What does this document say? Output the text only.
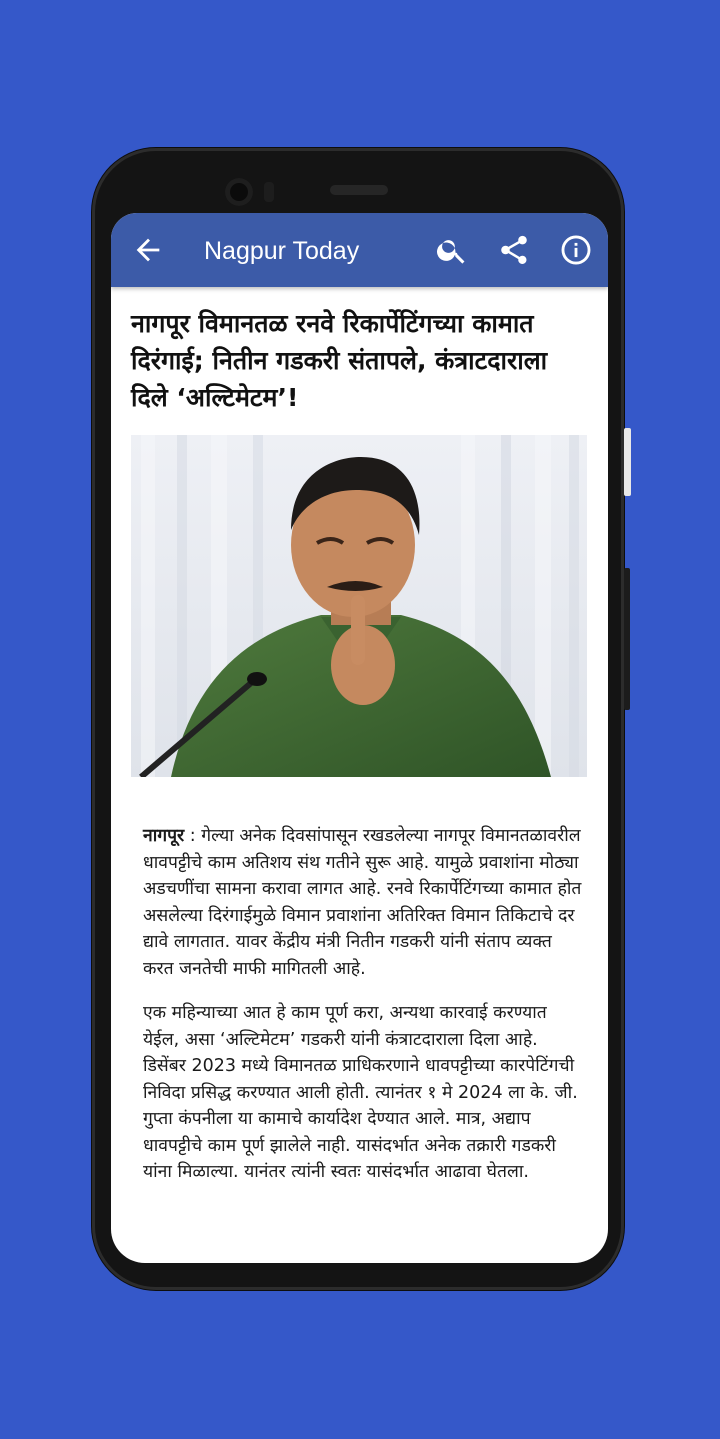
Nagpur Today
नागपूर विमानतळ रनवे रिकार्पेटिंगच्या कामात दिरंगाई; नितीन गडकरी संतापले, कंत्राटदाराला दिले ‘अल्टिमेटम’!

नागपूर : गेल्या अनेक दिवसांपासून रखडलेल्या नागपूर विमानतळावरील धावपट्टीचे काम अतिशय संथ गतीने सुरू आहे. यामुळे प्रवाशांना मोठ्या अडचणींचा सामना करावा लागत आहे. रनवे रिकार्पेटिंगच्या कामात होत असलेल्या दिरंगाईमुळे विमान प्रवाशांना अतिरिक्त विमान तिकिटाचे दर द्यावे लागतात. यावर केंद्रीय मंत्री नितीन गडकरी यांनी संताप व्यक्त करत जनतेची माफी मागितली आहे.

एक महिन्याच्या आत हे काम पूर्ण करा, अन्यथा कारवाई करण्यात येईल, असा ‘अल्टिमेटम’ गडकरी यांनी कंत्राटदाराला दिला आहे. डिसेंबर 2023 मध्ये विमानतळ प्राधिकरणाने धावपट्टीच्या कारपेटिंगची निविदा प्रसिद्ध करण्यात आली होती. त्यानंतर १ मे 2024 ला के. जी. गुप्ता कंपनीला या कामाचे कार्यादेश देण्यात आले. मात्र, अद्याप धावपट्टीचे काम पूर्ण झालेले नाही. यासंदर्भात अनेक तक्रारी गडकरी यांना मिळाल्या. यानंतर त्यांनी स्वतः यासंदर्भात आढावा घेतला.
